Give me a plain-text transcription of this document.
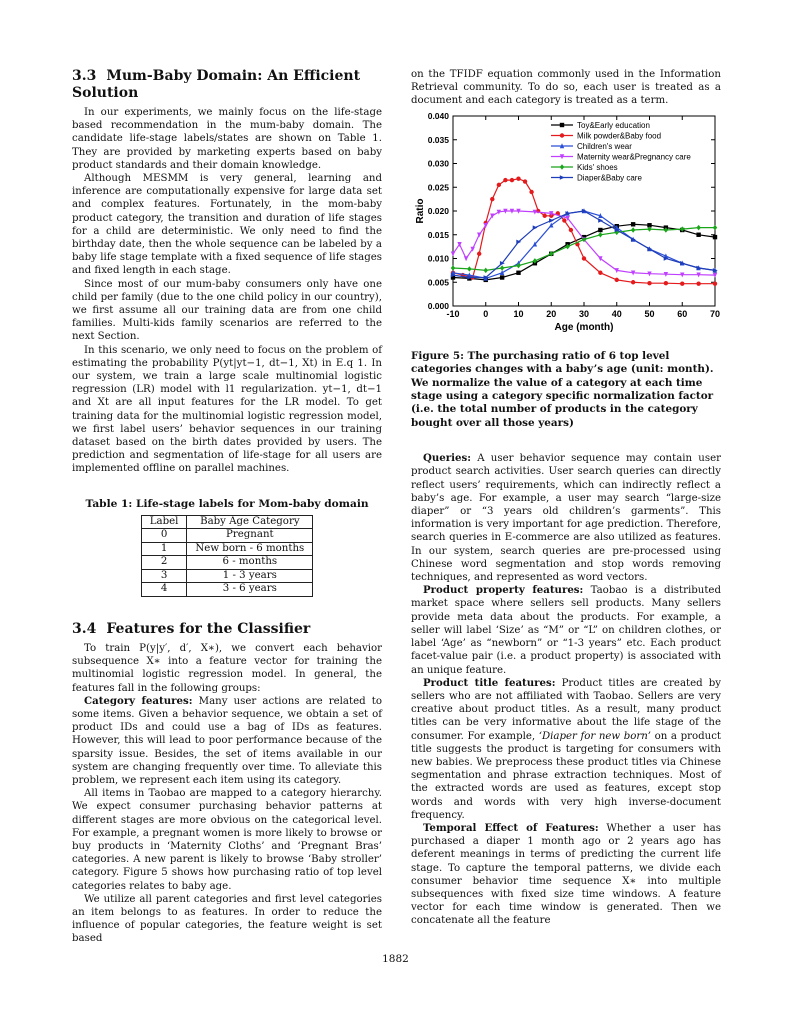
3.3 Mum-Baby Domain: An Efficient Solution

In our experiments, we mainly focus on the life-stage based recommendation in the mum-baby domain. The candidate life-stage labels/states are shown on Table 1. They are provided by marketing experts based on baby product standards and their domain knowledge.

Although MESMM is very general, learning and inference are computationally expensive for large data set and complex features. Fortunately, in the mom-baby product category, the transition and duration of life stages for a child are deterministic. We only need to find the birthday date, then the whole sequence can be labeled by a baby life stage template with a fixed sequence of life stages and fixed length in each stage.

Since most of our mum-baby consumers only have one child per family (due to the one child policy in our country), we first assume all our training data are from one child families. Multi-kids family scenarios are referred to the next Section.

In this scenario, we only need to focus on the problem of estimating the probability P(yt|yt−1, dt−1, Xt) in E.q 1. In our system, we train a large scale multinomial logistic regression (LR) model with l1 regularization. yt−1, dt−1 and Xt are all input features for the LR model. To get training data for the multinomial logistic regression model, we first label users’ behavior sequences in our training dataset based on the birth dates provided by users. The prediction and segmentation of life-stage for all users are implemented offline on parallel machines.

Table 1: Life-stage labels for Mom-baby domain

Label	Baby Age Category
0	Pregnant
1	New born - 6 months
2	6 - months
3	1 - 3 years
4	3 - 6 years
3.4 Features for the Classifier

To train P(y|y′, d′, X∗), we convert each behavior subsequence X∗ into a feature vector for training the multinomial logistic regression model. In general, the features fall in the following groups:

Category features: Many user actions are related to some items. Given a behavior sequence, we obtain a set of product IDs and could use a bag of IDs as features. However, this will lead to poor performance because of the sparsity issue. Besides, the set of items available in our system are changing frequently over time. To alleviate this problem, we represent each item using its category.

All items in Taobao are mapped to a category hierarchy. We expect consumer purchasing behavior patterns at different stages are more obvious on the categorical level. For example, a pregnant women is more likely to browse or buy products in ‘Maternity Cloths’ and ‘Pregnant Bras’ categories. A new parent is likely to browse ‘Baby stroller’ category. Figure 5 shows how purchasing ratio of top level categories relates to baby age.

We utilize all parent categories and first level categories an item belongs to as features. In order to reduce the influence of popular categories, the feature weight is set based

on the TFIDF equation commonly used in the Information Retrieval community. To do so, each user is treated as a document and each category is treated as a term.

-10	0	10	20	30	40	50	60	70
0.000
0.005
0.010
0.015
0.020
0.025
0.030
0.035
0.040
Age (month)
Ratio
Toy&Early education
Milk powder&Baby food
Children's wear
Maternity wear&Pregnancy care
Kids' shoes
Diaper&Baby care

Figure 5: The purchasing ratio of 6 top level categories changes with a baby’s age (unit: month). We normalize the value of a category at each time stage using a category specific normalization factor (i.e. the total number of products in the category bought over all those years)

Queries: A user behavior sequence may contain user product search activities. User search queries can directly reflect users’ requirements, which can indirectly reflect a baby’s age. For example, a user may search “large-size diaper” or “3 years old children’s garments”. This information is very important for age prediction. Therefore, search queries in E-commerce are also utilized as features. In our system, search queries are pre-processed using Chinese word segmentation and stop words removing techniques, and represented as word vectors.

Product property features: Taobao is a distributed market space where sellers sell products. Many sellers provide meta data about the products. For example, a seller will label ‘Size’ as “M” or “L” on children clothes, or label ‘Age’ as “newborn” or “1-3 years” etc. Each product facet-value pair (i.e. a product property) is associated with an unique feature.

Product title features: Product titles are created by sellers who are not affiliated with Taobao. Sellers are very creative about product titles. As a result, many product titles can be very informative about the life stage of the consumer. For example, ‘Diaper for new born’ on a product title suggests the product is targeting for consumers with new babies. We preprocess these product titles via Chinese segmentation and phrase extraction techniques. Most of the extracted words are used as features, except stop words and words with very high inverse-document frequency.

Temporal Effect of Features: Whether a user has purchased a diaper 1 month ago or 2 years ago has deferent meanings in terms of predicting the current life stage. To capture the temporal patterns, we divide each consumer behavior time sequence X∗ into multiple subsequences with fixed size time windows. A feature vector for each time window is generated. Then we concatenate all the feature

1882
